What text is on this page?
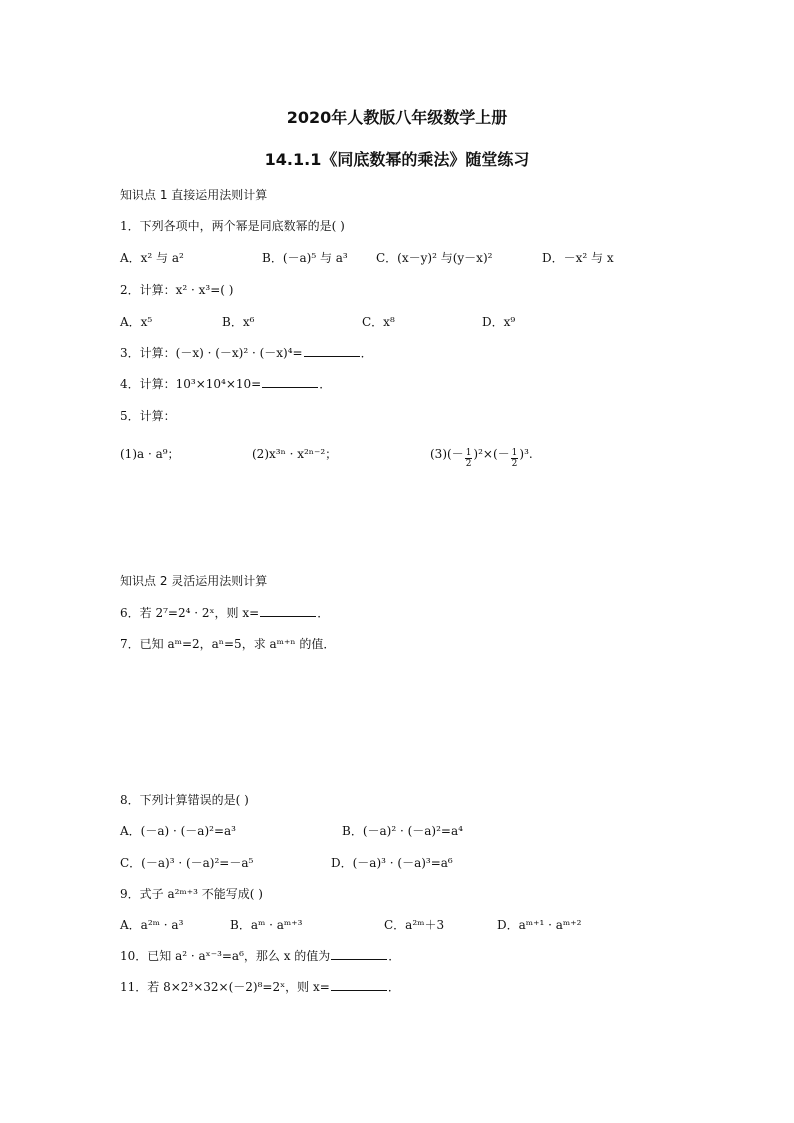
2020年人教版八年级数学上册
14.1.1《同底数幂的乘法》随堂练习
知识点 1 直接运用法则计算
1．下列各项中，两个幂是同底数幂的是( )
A．x² 与 a²	B．(－a)⁵ 与 a³ C．(x－y)² 与(y－x)²	D．－x² 与 x
2．计算：x² · x³=( )
A．x⁵	B．x⁶	C．x⁸	D．x⁹
3．计算：(－x) · (－x)² · (－x)⁴=	．
4．计算：10³×10⁴×10=	．
5．计算：
(1)a · a⁹；	(2)x³ⁿ · x²ⁿ⁻²；	$(3)(- \frac{1}{2} )^2\times(- \frac{1}{2} )^3$.
知识点 2 灵活运用法则计算
6．若 2⁷=2⁴ · 2ˣ，则 x=	．
7．已知 aᵐ=2，aⁿ=5，求 aᵐ⁺ⁿ 的值．
8．下列计算错误的是( )
A．(－a) · (－a)²=a³	B．(－a)² · (－a)²=a⁴
C．(－a)³ · (－a)²=－a⁵	D．(－a)³ · (－a)³=a⁶
9．式子 a²ᵐ⁺³ 不能写成( )
A．a²ᵐ · a³	B．aᵐ · aᵐ⁺³	C．a²ᵐ＋3	D．aᵐ⁺¹ · aᵐ⁺²
10．已知 a² · aˣ⁻³=a⁶，那么 x 的值为	．
11．若 8×2³×32×(－2)⁸=2ˣ，则 x=	．
